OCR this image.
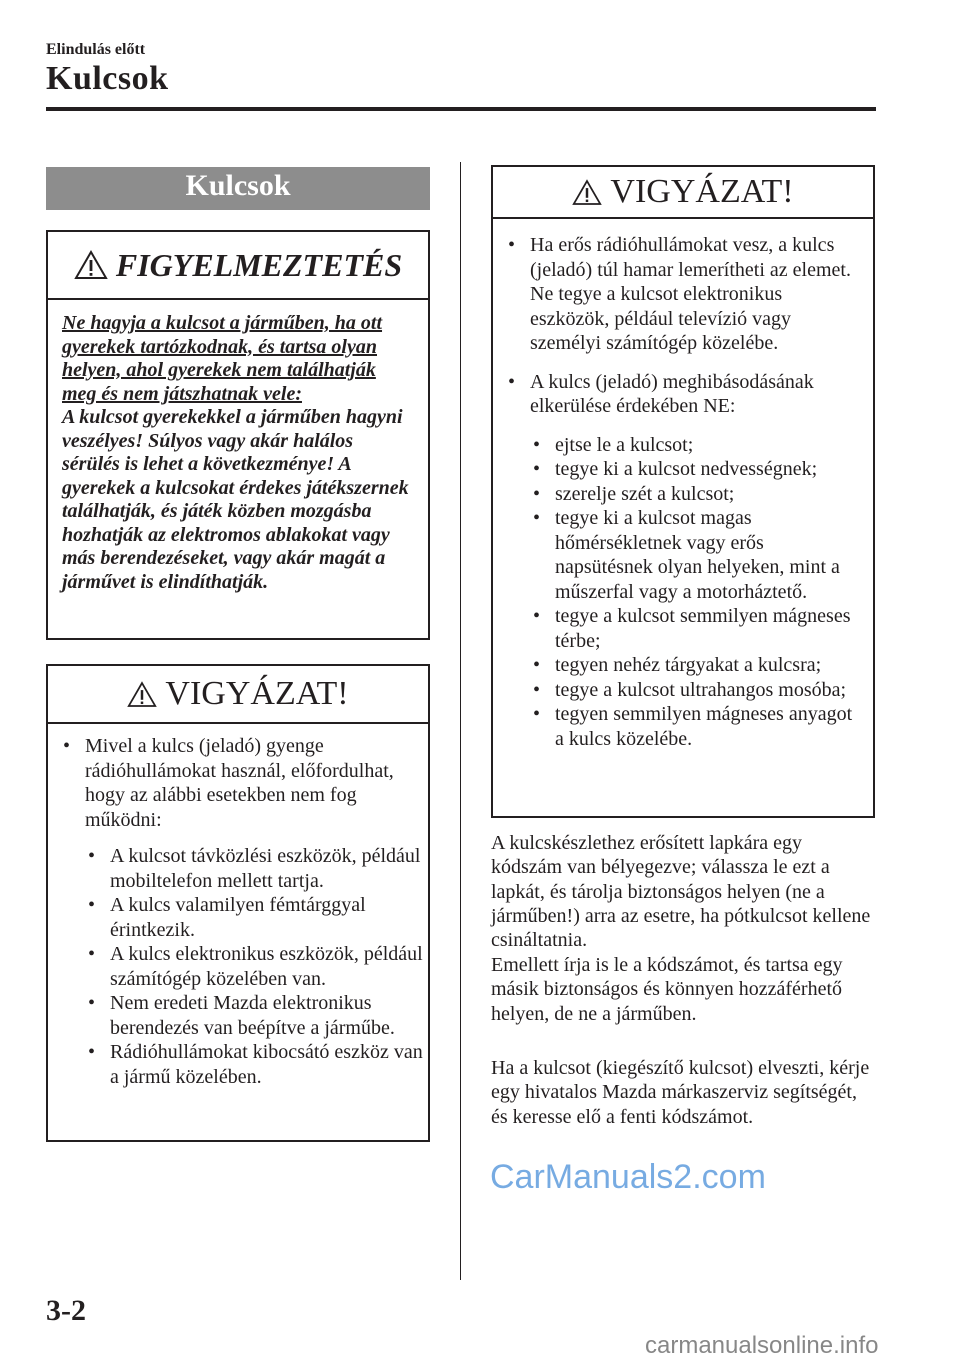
Elindulás előtt
Kulcsok
Kulcsok
FIGYELMEZTETÉS
Ne hagyja a kulcsot a járműben, ha ott gyerekek tartózkodnak, és tartsa olyan helyen, ahol gyerekek nem találhatják meg és nem játszhatnak vele:
A kulcsot gyerekekkel a járműben hagyni veszélyes! Súlyos vagy akár halálos sérülés is lehet a következménye! A gyerekek a kulcsokat érdekes játékszernek találhatják, és játék közben mozgásba hozhatják az elektromos ablakokat vagy más berendezéseket, vagy akár magát a járművet is elindíthatják.
VIGYÁZAT!
• Mivel a kulcs (jeladó) gyenge rádióhullámokat használ, előfordulhat, hogy az alábbi esetekben nem fog működni:
• A kulcsot távközlési eszközök, például mobiltelefon mellett tartja.
• A kulcs valamilyen fémtárggyal érintkezik.
• A kulcs elektronikus eszközök, például számítógép közelében van.
• Nem eredeti Mazda elektronikus berendezés van beépítve a járműbe.
• Rádióhullámokat kibocsátó eszköz van a jármű közelében.
VIGYÁZAT!
• Ha erős rádióhullámokat vesz, a kulcs (jeladó) túl hamar lemerítheti az elemet. Ne tegye a kulcsot elektronikus eszközök, például televízió vagy személyi számítógép közelébe.
• A kulcs (jeladó) meghibásodásának elkerülése érdekében NE:
• ejtse le a kulcsot;
• tegye ki a kulcsot nedvességnek;
• szerelje szét a kulcsot;
• tegye ki a kulcsot magas hőmérsékletnek vagy erős napsütésnek olyan helyeken, mint a műszerfal vagy a motorháztető.
• tegye a kulcsot semmilyen mágneses térbe;
• tegyen nehéz tárgyakat a kulcsra;
• tegye a kulcsot ultrahangos mosóba;
• tegyen semmilyen mágneses anyagot a kulcs közelébe.
A kulcskészlethez erősített lapkára egy kódszám van bélyegezve; válassza le ezt a lapkát, és tárolja biztonságos helyen (ne a járműben!) arra az esetre, ha pótkulcsot kellene csináltatnia.
Emellett írja is le a kódszámot, és tartsa egy másik biztonságos és könnyen hozzáférhető helyen, de ne a járműben.
Ha a kulcsot (kiegészítő kulcsot) elveszti, kérje egy hivatalos Mazda márkaszerviz segítségét, és keresse elő a fenti kódszámot.
CarManuals2.com
3-2
carmanualsonline.info
